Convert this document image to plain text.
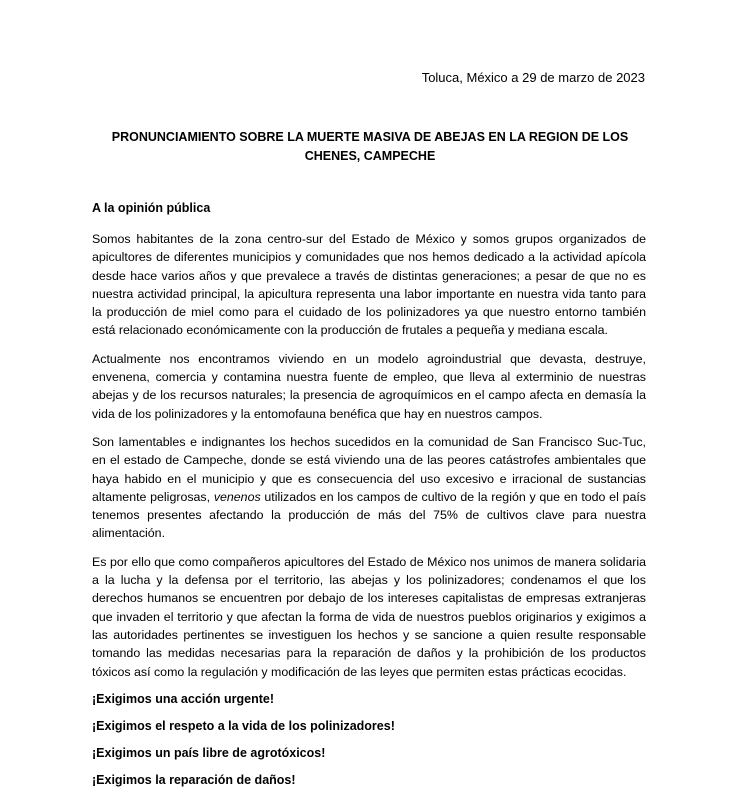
Toluca, México a 29 de marzo de 2023
PRONUNCIAMIENTO SOBRE LA MUERTE MASIVA DE ABEJAS EN LA REGION DE LOS CHENES, CAMPECHE
A la opinión pública

Somos habitantes de la zona centro-sur del Estado de México y somos grupos organizados de apicultores de diferentes municipios y comunidades que nos hemos dedicado a la actividad apícola desde hace varios años y que prevalece a través de distintas generaciones; a pesar de que no es nuestra actividad principal, la apicultura representa una labor importante en nuestra vida tanto para la producción de miel como para el cuidado de los polinizadores ya que nuestro entorno también está relacionado económicamente con la producción de frutales a pequeña y mediana escala.

Actualmente nos encontramos viviendo en un modelo agroindustrial que devasta, destruye, envenena, comercia y contamina nuestra fuente de empleo, que lleva al exterminio de nuestras abejas y de los recursos naturales; la presencia de agroquímicos en el campo afecta en demasía la vida de los polinizadores y la entomofauna benéfica que hay en nuestros campos.

Son lamentables e indignantes los hechos sucedidos en la comunidad de San Francisco Suc-Tuc, en el estado de Campeche, donde se está viviendo una de las peores catástrofes ambientales que haya habido en el municipio y que es consecuencia del uso excesivo e irracional de sustancias altamente peligrosas, venenos utilizados en los campos de cultivo de la región y que en todo el país tenemos presentes afectando la producción de más del 75% de cultivos clave para nuestra alimentación.

Es por ello que como compañeros apicultores del Estado de México nos unimos de manera solidaria a la lucha y la defensa por el territorio, las abejas y los polinizadores; condenamos el que los derechos humanos se encuentren por debajo de los intereses capitalistas de empresas extranjeras que invaden el territorio y que afectan la forma de vida de nuestros pueblos originarios y exigimos a las autoridades pertinentes se investiguen los hechos y se sancione a quien resulte responsable tomando las medidas necesarias para la reparación de daños y la prohibición de los productos tóxicos así como la regulación y modificación de las leyes que permiten estas prácticas ecocidas.

¡Exigimos una acción urgente!
¡Exigimos el respeto a la vida de los polinizadores!
¡Exigimos un país libre de agrotóxicos!
¡Exigimos la reparación de daños!
